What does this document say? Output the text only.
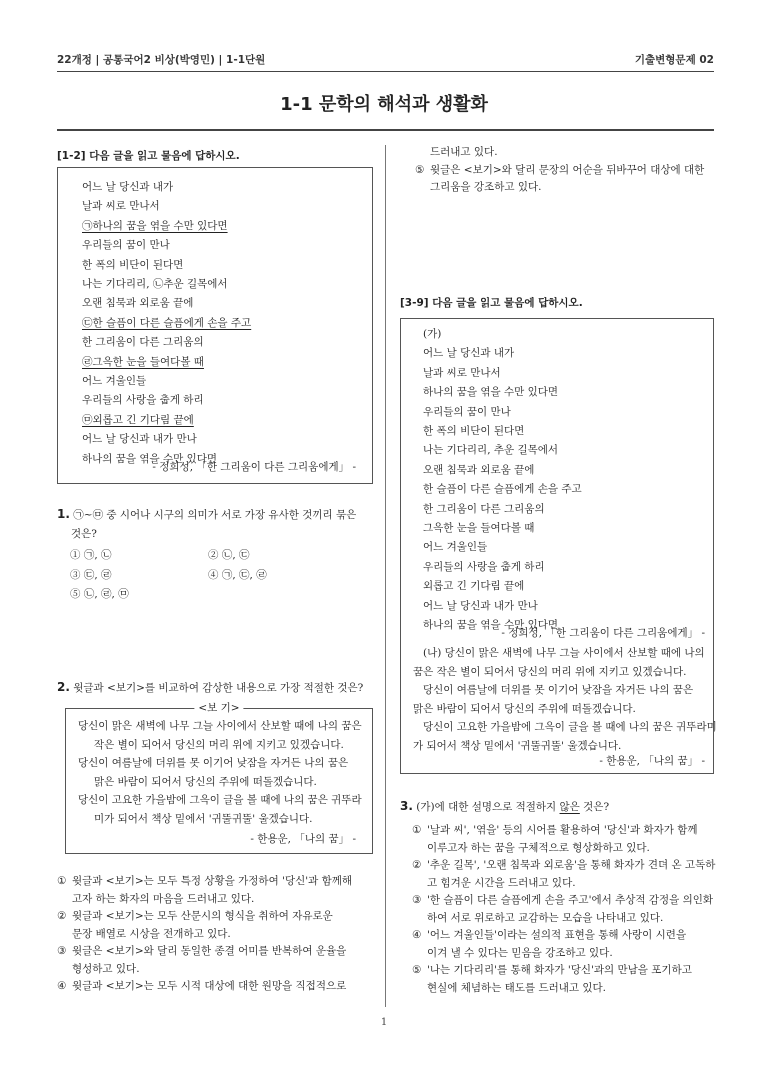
22개정 | 공통국어2 비상(박영민) | 1-1단원	기출변형문제 02
1-1 문학의 해석과 생활화
[1-2] 다음 글을 읽고 물음에 답하시오.
어느 날 당신과 내가
날과 씨로 만나서
㉠하나의 꿈을 엮을 수만 있다면
우리들의 꿈이 만나
한 폭의 비단이 된다면
나는 기다리리, ㉡추운 길목에서
오랜 침묵과 외로움 끝에
㉢한 슬픔이 다른 슬픔에게 손을 주고
한 그리움이 다른 그리움의
㉣그윽한 눈을 들여다볼 때
어느 겨울인들
우리들의 사랑을 춥게 하리
㉤외롭고 긴 기다림 끝에
어느 날 당신과 내가 만나
하나의 꿈을 엮을 수만 있다면
- 정희성, 「한 그리움이 다른 그리움에게」 -
1. ㉠~㉤ 중 시어나 시구의 의미가 서로 가장 유사한 것끼리 묶은
것은?
① ㉠, ㉡	② ㉡, ㉢
③ ㉢, ㉣	④ ㉠, ㉢, ㉣
⑤ ㉡, ㉣, ㉤
2. 윗글과 <보기>를 비교하여 감상한 내용으로 가장 적절한 것은?
<보 기>
당신이 맑은 새벽에 나무 그늘 사이에서 산보할 때에 나의 꿈은
작은 별이 되어서 당신의 머리 위에 지키고 있겠습니다.
당신이 여름날에 더위를 못 이기어 낮잠을 자거든 나의 꿈은
맑은 바람이 되어서 당신의 주위에 떠돌겠습니다.
당신이 고요한 가을밤에 그윽이 글을 볼 때에 나의 꿈은 귀뚜라
미가 되어서 책상 밑에서 '귀뚤귀뚤' 울겠습니다.
- 한용운, 「나의 꿈」 -
① 윗글과 <보기>는 모두 특정 상황을 가정하여 '당신'과 함께해
고자 하는 화자의 마음을 드러내고 있다.
② 윗글과 <보기>는 모두 산문시의 형식을 취하여 자유로운
문장 배열로 시상을 전개하고 있다.
③ 윗글은 <보기>와 달리 동일한 종결 어미를 반복하여 운율을
형성하고 있다.
④ 윗글과 <보기>는 모두 시적 대상에 대한 원망을 직접적으로
드러내고 있다.
⑤ 윗글은 <보기>와 달리 문장의 어순을 뒤바꾸어 대상에 대한
그리움을 강조하고 있다.
[3-9] 다음 글을 읽고 물음에 답하시오.
(가)
어느 날 당신과 내가
날과 씨로 만나서
하나의 꿈을 엮을 수만 있다면
우리들의 꿈이 만나
한 폭의 비단이 된다면
나는 기다리리, 추운 길목에서
오랜 침묵과 외로움 끝에
한 슬픔이 다른 슬픔에게 손을 주고
한 그리움이 다른 그리움의
그윽한 눈을 들여다볼 때
어느 겨울인들
우리들의 사랑을 춥게 하리
외롭고 긴 기다림 끝에
어느 날 당신과 내가 만나
하나의 꿈을 엮을 수만 있다면
- 정희성, 「한 그리움이 다른 그리움에게」 -
(나) 당신이 맑은 새벽에 나무 그늘 사이에서 산보할 때에 나의
꿈은 작은 별이 되어서 당신의 머리 위에 지키고 있겠습니다.
당신이 여름날에 더위를 못 이기어 낮잠을 자거든 나의 꿈은
맑은 바람이 되어서 당신의 주위에 떠돌겠습니다.
당신이 고요한 가을밤에 그윽이 글을 볼 때에 나의 꿈은 귀뚜라미
가 되어서 책상 밑에서 '귀뚤귀뚤' 울겠습니다.
- 한용운, 「나의 꿈」 -
3. (가)에 대한 설명으로 적절하지 않은 것은?
① '날과 씨', '엮을' 등의 시어를 활용하여 '당신'과 화자가 함께
이루고자 하는 꿈을 구체적으로 형상화하고 있다.
② '추운 길목', '오랜 침묵과 외로움'을 통해 화자가 견뎌 온 고독하
고 힘겨운 시간을 드러내고 있다.
③ '한 슬픔이 다른 슬픔에게 손을 주고'에서 추상적 감정을 의인화
하여 서로 위로하고 교감하는 모습을 나타내고 있다.
④ '어느 겨울인들'이라는 설의적 표현을 통해 사랑이 시련을
이겨 낼 수 있다는 믿음을 강조하고 있다.
⑤ '나는 기다리리'를 통해 화자가 '당신'과의 만남을 포기하고
현실에 체념하는 태도를 드러내고 있다.
1
